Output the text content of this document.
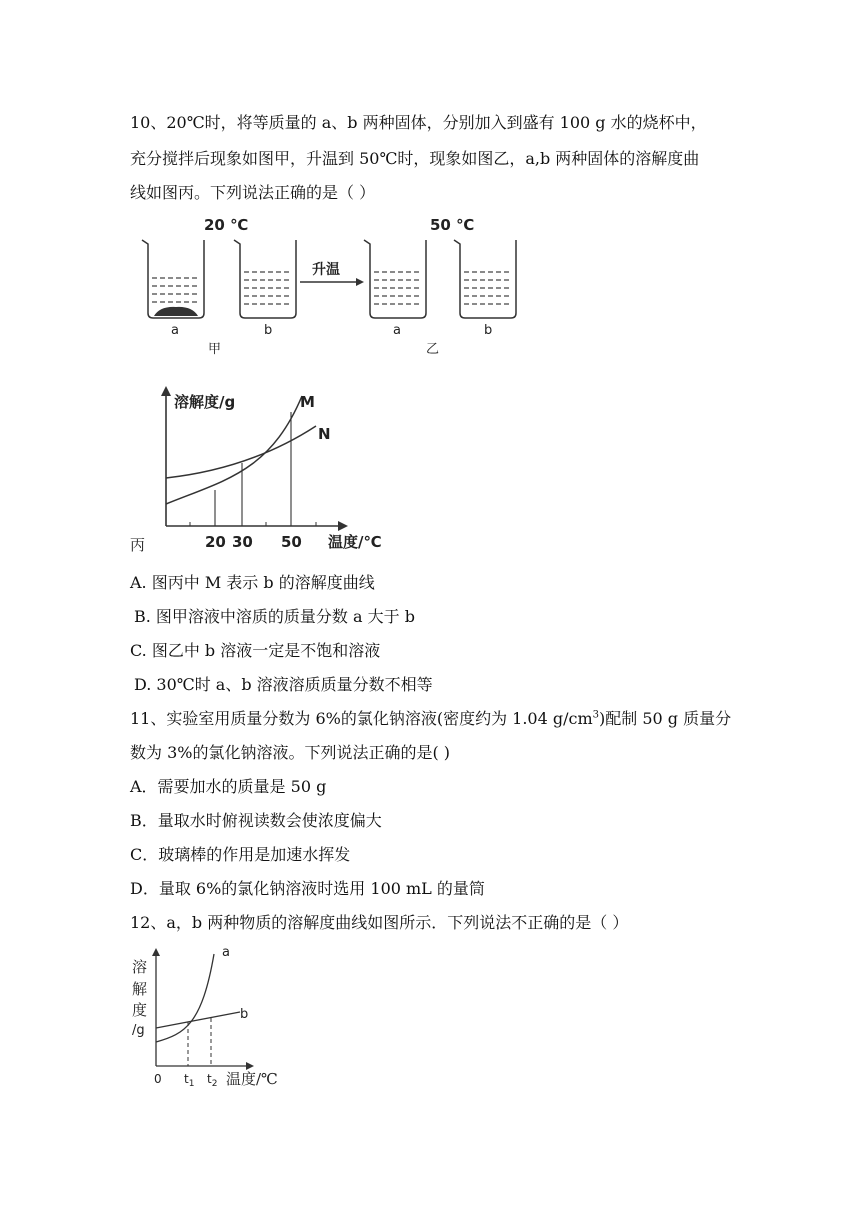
10、20℃时，将等质量的 a、b 两种固体，分别加入到盛有 100 g 水的烧杯中，
充分搅拌后现象如图甲，升温到 50℃时，现象如图乙，a,b 两种固体的溶解度曲
线如图丙。下列说法正确的是（ ）
升温
20 ℃	50 ℃
a	b	a	b
甲	乙
溶解度/g	M
N
20 30 50 温度/℃
丙
A. 图丙中 M 表示 b 的溶解度曲线
B. 图甲溶液中溶质的质量分数 a 大于 b
C. 图乙中 b 溶液一定是不饱和溶液
D. 30℃时 a、b 溶液溶质质量分数不相等
11、实验室用质量分数为 6%的氯化钠溶液(密度约为 1.04 $g/cm^3$)配制 50 g 质量分
数为 3%的氯化钠溶液。下列说法正确的是( )
A．需要加水的质量是 50 g
B．量取水时俯视读数会使浓度偏大
C．玻璃棒的作用是加速水挥发
D．量取 6%的氯化钠溶液时选用 100 mL 的量筒
12、a，b 两种物质的溶解度曲线如图所示．下列说法不正确的是（ ）
溶
解
度
/g
a
b
0 $t_1$ $t_2$ 温度/℃
